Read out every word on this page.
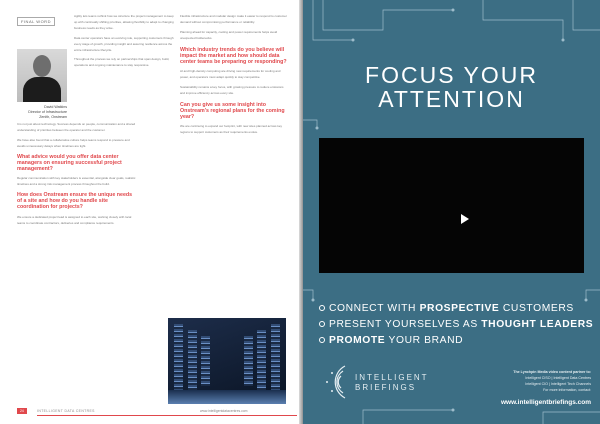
FINAL WORD
David Watkins
Director of Infrastructure
Zenith, Onstream

Agility lets teams rethink how we structure the project management to keep up with continually shifting priorities, allowing flexibility to adapt to changing business needs as they arise.

Data center operators have an evolving role, supporting customers through every stage of growth, providing insight and assuring resilience across the entire infrastructure lifecycle.

Throughout the process we rely on partnerships that span design, build, operations and ongoing maintenance to stay responsive.

It is not just about technology. Success depends on people, communication and a shared understanding of priorities between the operator and the customer.

We have also found that a collaborative culture helps teams respond to pressure and avoids unnecessary delays when timelines are tight.

What advice would you offer data center managers on ensuring successful project management?

Regular communication with key stakeholders is essential, alongside clear goals, realistic timelines and a strong risk management process throughout the build.

How does Onstream ensure the unique needs of a site and how do you handle site coordination for projects?

We ensure a dedicated project lead is assigned to each site, working closely with local teams to coordinate contractors, deliveries and compliance requirements.

Flexible infrastructure and modular design make it easier to respond to customer demand without compromising performance or reliability.

Planning ahead for capacity, cooling and power requirements helps avoid unexpected bottlenecks.

Which industry trends do you believe will impact the market and how should data center teams be preparing or responding?

AI and high-density computing are driving new requirements for cooling and power, and operators must adapt quickly to stay competitive.

Sustainability remains a key focus, with growing pressure to reduce emissions and improve efficiency across every site.

Can you give us some insight into Onstream's regional plans for the coming year?

We are continuing to expand our footprint, with new sites planned across key regions to support customers as their requirements evolve.

24	INTELLIGENT DATA CENTRES	www.intelligentdatacentres.com
FOCUS YOUR
ATTENTION
CONNECT WITH PROSPECTIVE CUSTOMERS
PRESENT YOURSELVES AS THOUGHT LEADERS
PROMOTE YOUR BRAND
INTELLIGENT
BRIEFINGS
The Lynchpin Media video content partner to:
Intelligent CISO | Intelligent Data Centres
Intelligent CIO | Intelligent Tech Channels
For more information, contact:
www.intelligentbriefings.com
